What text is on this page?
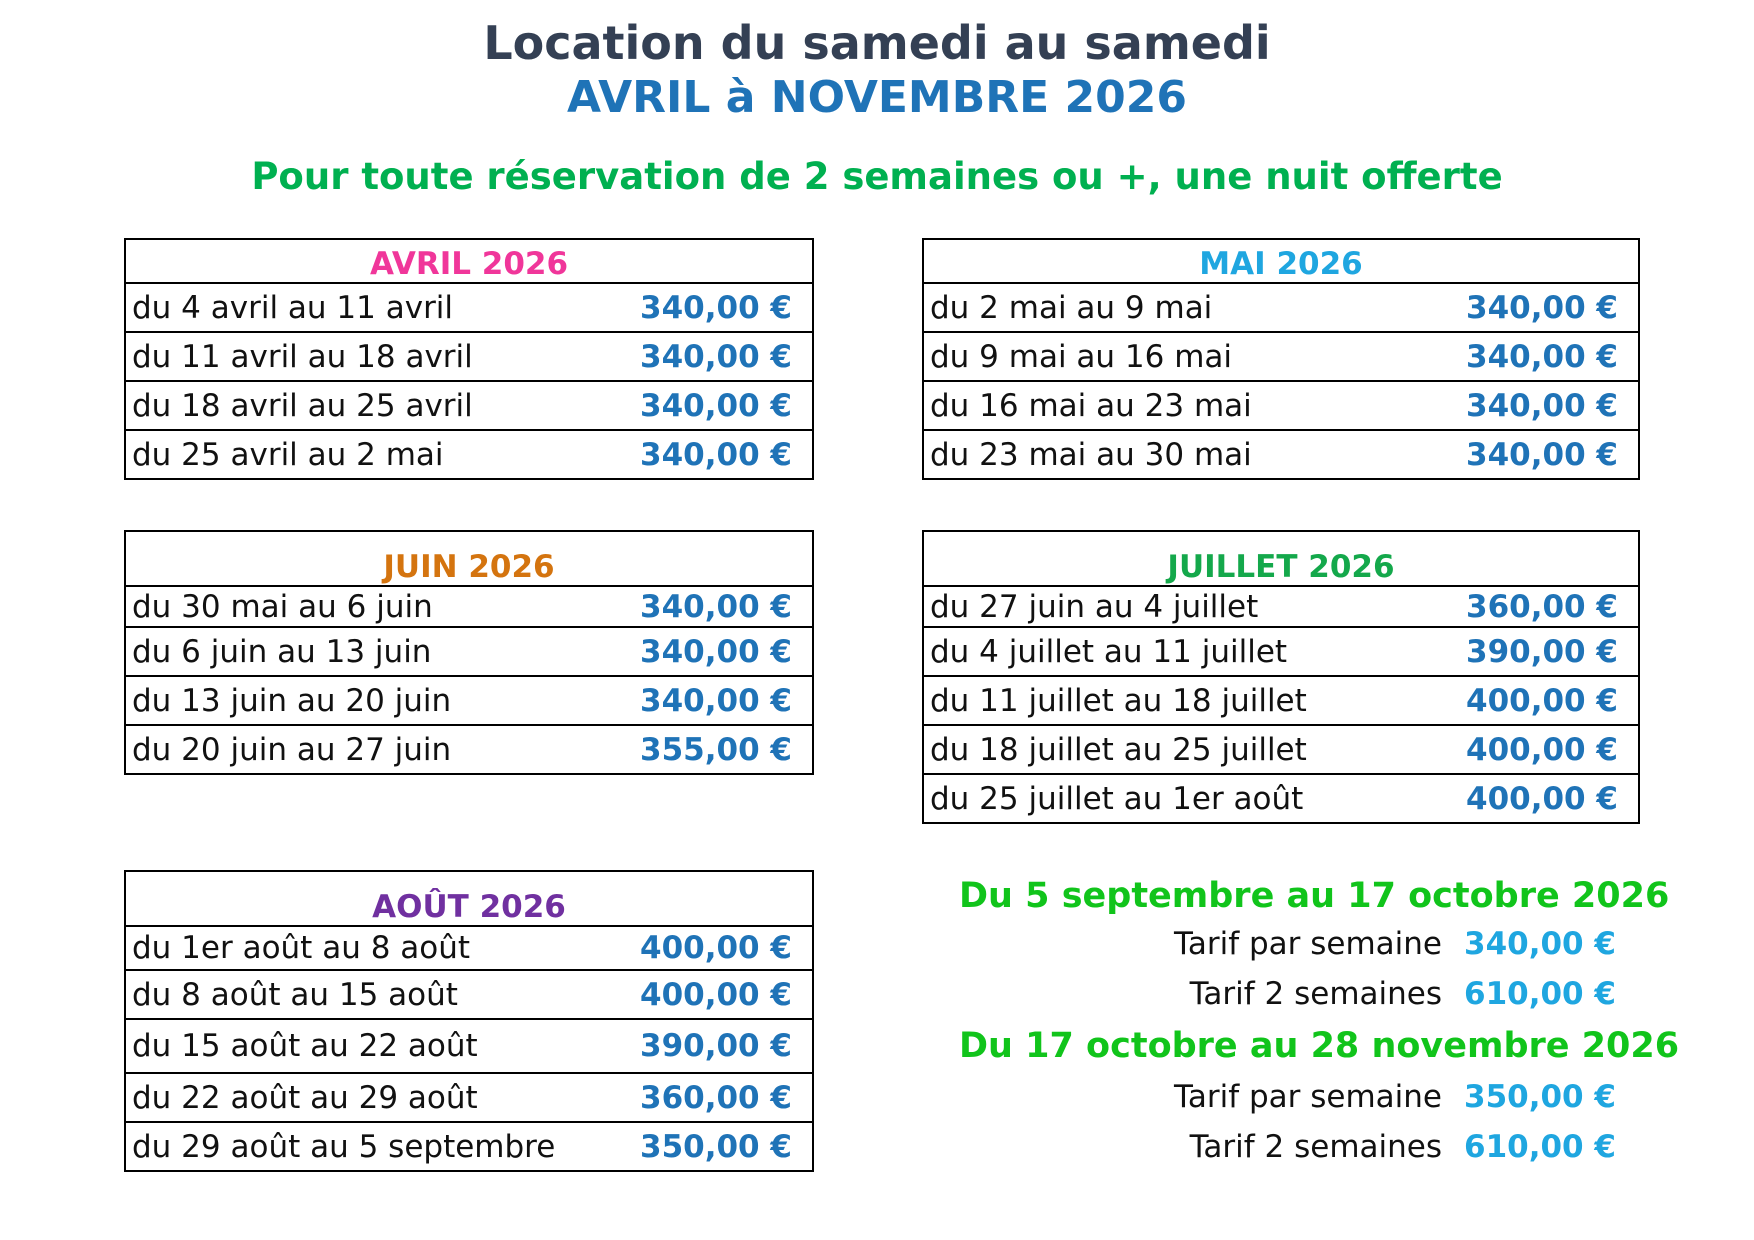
Location du samedi au samedi
AVRIL à NOVEMBRE 2026
Pour toute réservation de 2 semaines ou +, une nuit offerte
AVRIL 2026	
du 4 avril au 11 avril	340,00 €
du 11 avril au 18 avril	340,00 €
du 18 avril au 25 avril	340,00 €
du 25 avril au 2 mai	340,00 €
MAI 2026	
du 2 mai au 9 mai	340,00 €
du 9 mai au 16 mai	340,00 €
du 16 mai au 23 mai	340,00 €
du 23 mai au 30 mai	340,00 €
JUIN 2026	
du 30 mai au 6 juin	340,00 €
du 6 juin au 13 juin	340,00 €
du 13 juin au 20 juin	340,00 €
du 20 juin au 27 juin	355,00 €
JUILLET 2026	
du 27 juin au 4 juillet	360,00 €
du 4 juillet au 11 juillet	390,00 €
du 11 juillet au 18 juillet	400,00 €
du 18 juillet au 25 juillet	400,00 €
du 25 juillet au 1er août	400,00 €
AOÛT 2026	
du 1er août au 8 août	400,00 €
du 8 août au 15 août	400,00 €
du 15 août au 22 août	390,00 €
du 22 août au 29 août	360,00 €
du 29 août au 5 septembre	350,00 €
Du 5 septembre au 17 octobre 2026
Tarif par semaine 340,00 €
Tarif 2 semaines 610,00 €
Du 17 octobre au 28 novembre 2026
Tarif par semaine 350,00 €
Tarif 2 semaines 610,00 €
